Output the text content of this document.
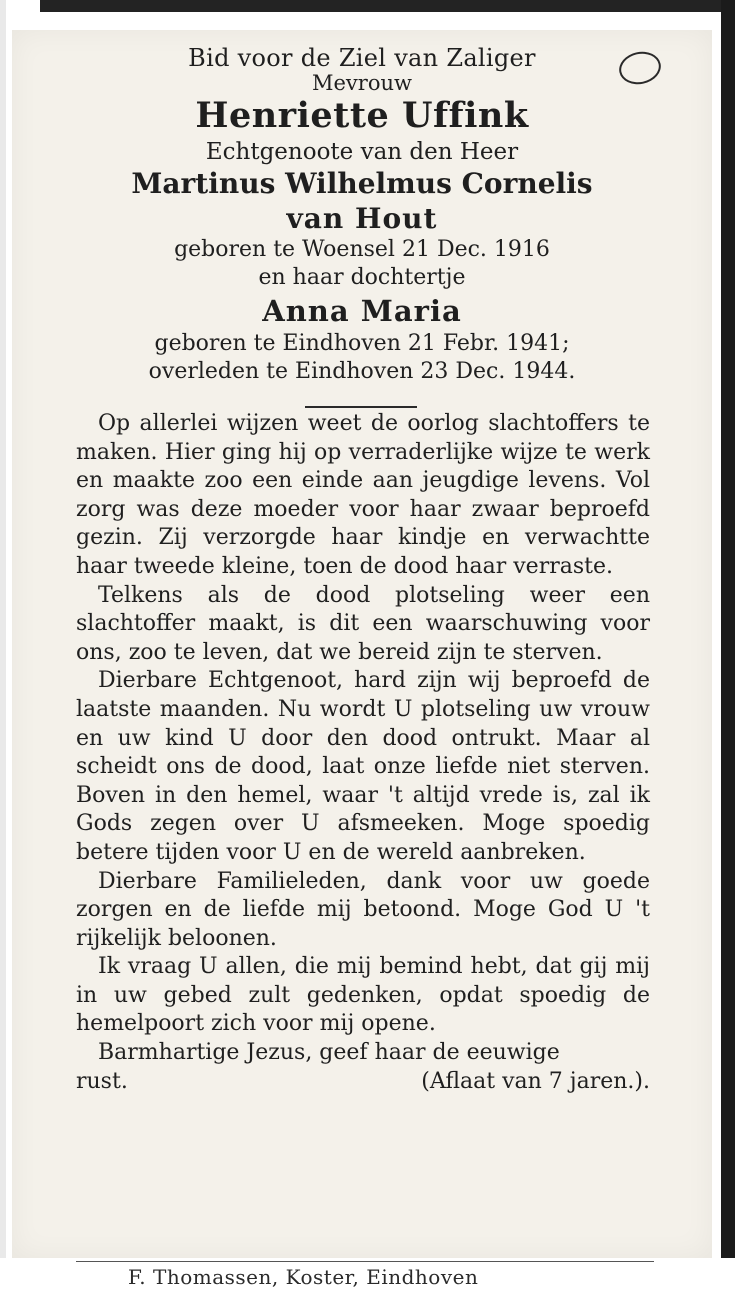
Bid voor de Ziel van Zaliger
Mevrouw
Henriette Uffink
Echtgenoote van den Heer
Martinus Wilhelmus Cornelis
van Hout
geboren te Woensel 21 Dec. 1916
en haar dochtertje
Anna Maria
geboren te Eindhoven 21 Febr. 1941;
overleden te Eindhoven 23 Dec. 1944.

Op allerlei wijzen weet de oorlog slachtoffers te maken. Hier ging hij op verraderlijke wijze te werk en maakte zoo een einde aan jeugdige levens. Vol zorg was deze moeder voor haar zwaar beproefd gezin. Zij verzorgde haar kindje en verwachtte haar tweede kleine, toen de dood haar verraste.

Telkens als de dood plotseling weer een slachtoffer maakt, is dit een waarschuwing voor ons, zoo te leven, dat we bereid zijn te sterven.

Dierbare Echtgenoot, hard zijn wij beproefd de laatste maanden. Nu wordt U plotseling uw vrouw en uw kind U door den dood ontrukt. Maar al scheidt ons de dood, laat onze liefde niet sterven. Boven in den hemel, waar 't altijd vrede is, zal ik Gods zegen over U afsmeeken. Moge spoedig betere tijden voor U en de wereld aanbreken.

Dierbare Familieleden, dank voor uw goede zorgen en de liefde mij betoond. Moge God U 't rijkelijk beloonen.

Ik vraag U allen, die mij bemind hebt, dat gij mij in uw gebed zult gedenken, opdat spoedig de hemelpoort zich voor mij opene.

Barmhartige Jezus, geef haar de eeuwige

rust.	(Aflaat van 7 jaren.).
F. Thomassen, Koster, Eindhoven
